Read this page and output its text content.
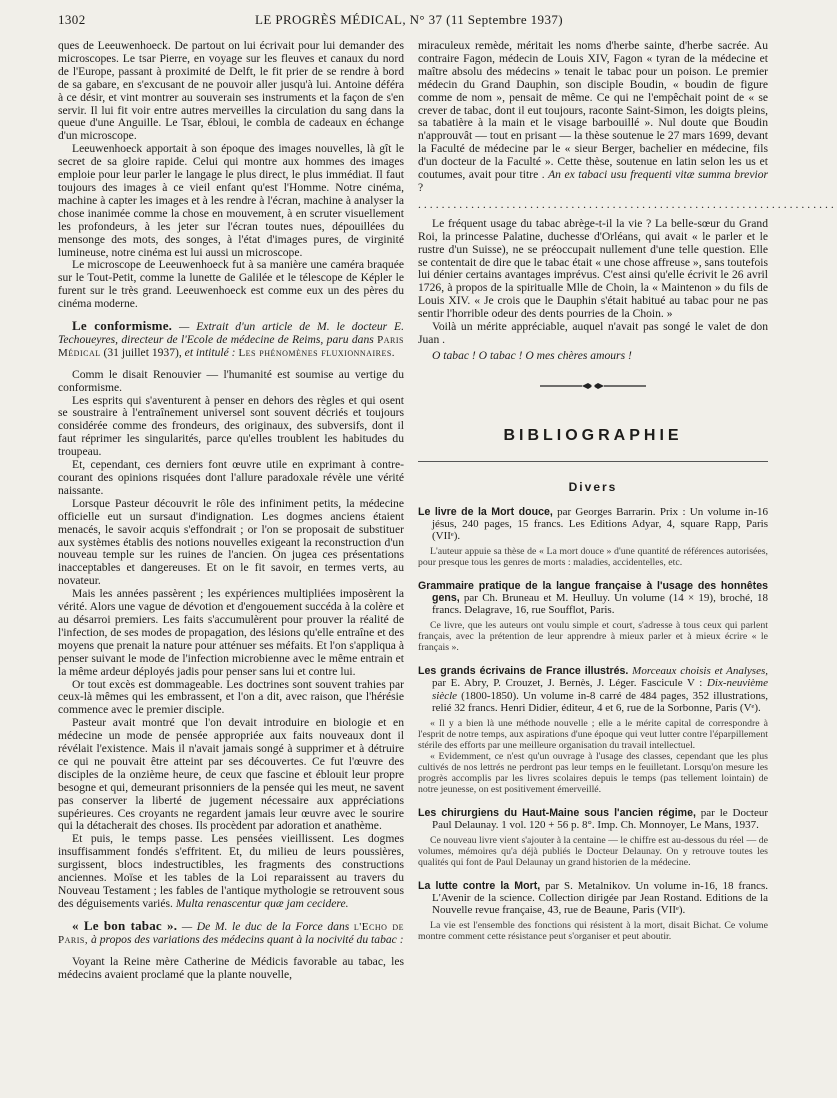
1302	LE PROGRÈS MÉDICAL, N° 37 (11 Septembre 1937)

ques de Leeuwenhoeck. De partout on lui écrivait pour lui demander des microscopes. Le tsar Pierre, en voyage sur les fleuves et canaux du nord de l'Europe, passant à proximité de Delft, le fit prier de se rendre à bord de sa gabare, en s'excusant de ne pouvoir aller jusqu'à lui. Antoine déféra à ce désir, et vint montrer au souverain ses instruments et la façon de s'en servir. Il lui fit voir entre autres merveilles la circulation du sang dans la queue d'une Anguille. Le Tsar, ébloui, le combla de cadeaux en échange d'un microscope.

Leeuwenhoeck apportait à son époque des images nouvelles, là gît le secret de sa gloire rapide. Celui qui montre aux hommes des images emploie pour leur parler le langage le plus direct, le plus immédiat. Il faut toujours des images à ce vieil enfant qu'est l'Homme. Notre cinéma, machine à capter les images et à les rendre à l'écran, machine à analyser la chose inanimée comme la chose en mouvement, à en scruter visuellement les profondeurs, à les jeter sur l'écran toutes nues, dépouillées du mensonge des mots, des songes, à l'état d'images pures, de virginité lumineuse, notre cinéma est lui aussi un microscope.

Le microscope de Leeuwenhoeck fut à sa manière une caméra braquée sur le Tout-Petit, comme la lunette de Galilée et le télescope de Képler le furent sur le très grand. Leeuwenhoeck est comme eux un des pères du cinéma moderne.

Le conformisme. — Extrait d'un article de M. le docteur E. Techoueyres, directeur de l'Ecole de médecine de Reims, paru dans Paris Médical (31 juillet 1937), et intitulé : Les phénomènes fluxionnaires.

Comm le disait Renouvier — l'humanité est soumise au vertige du conformisme.

Les esprits qui s'aventurent à penser en dehors des règles et qui osent se soustraire à l'entraînement universel sont souvent décriés et toujours considérée comme des frondeurs, des originaux, des subversifs, dont il faut réprimer les singularités, parce qu'elles troublent les habitudes du troupeau.

Et, cependant, ces derniers font œuvre utile en exprimant à contre-courant des opinions risquées dont l'allure paradoxale révèle une vérité naissante.

Lorsque Pasteur découvrit le rôle des infiniment petits, la médecine officielle eut un sursaut d'indignation. Les dogmes anciens étaient menacés, le savoir acquis s'effondrait ; or l'on se proposait de substituer aux systèmes établis des notions nouvelles exigeant la reconstruction d'un nouveau temple sur les ruines de l'ancien. On jugea ces présentations inacceptables et dangereuses. Et on le fit savoir, en termes verts, au novateur.

Mais les années passèrent ; les expériences multipliées imposèrent la vérité. Alors une vague de dévotion et d'engouement succéda à la colère et au désarroi premiers. Les faits s'accumulèrent pour prouver la réalité de l'infection, de ses modes de propagation, des lésions qu'elle entraîne et des moyens que prenait la nature pour atténuer ses méfaits. Et l'on s'appliqua à penser suivant le mode de l'infection microbienne avec le même entrain et la même ardeur déployés jadis pour penser sans lui et contre lui.

Or tout excès est dommageable. Les doctrines sont souvent trahies par ceux-là mêmes qui les embrassent, et l'on a dit, avec raison, que l'hérésie commence avec le premier disciple.

Pasteur avait montré que l'on devait introduire en biologie et en médecine un mode de pensée appropriée aux faits nouveaux dont il révélait l'existence. Mais il n'avait jamais songé à supprimer et à détruire ce qui ne pouvait être atteint par ses découvertes. Ce fut l'œuvre des disciples de la onzième heure, de ceux que fascine et éblouit leur propre besogne et qui, demeurant prisonniers de la pensée qui les meut, ne savent pas conserver la liberté de jugement nécessaire aux appréciations supérieures. Ces croyants ne regardent jamais leur œuvre avec le sourire qui la détacherait des choses. Ils procèdent par adoration et anathème.

Et puis, le temps passe. Les pensées vieillissent. Les dogmes insuffisamment fondés s'effritent. Et, du milieu de leurs poussières, surgissent, blocs indestructibles, les fragments des constructions anciennes. Moïse et les tables de la Loi reparaissent au travers du Nouveau Testament ; les fables de l'antique mythologie se retrouvent sous des déguisements variés. Multa renascentur quæ jam cecidere.

« Le bon tabac ». — De M. le duc de la Force dans l'Echo de Paris, à propos des variations des médecins quant à la nocivité du tabac :

Voyant la Reine mère Catherine de Médicis favorable au tabac, les médecins avaient proclamé que la plante nouvelle,

miraculeux remède, méritait les noms d'herbe sainte, d'herbe sacrée. Au contraire Fagon, médecin de Louis XIV, Fagon « tyran de la médecine et maître absolu des médecins » tenait le tabac pour un poison. Le premier médecin du Grand Dauphin, son disciple Boudin, « boudin de figure comme de nom », pensait de même. Ce qui ne l'empêchait point de « se crever de tabac, dont il eut toujours, raconte Saint-Simon, les doigts pleins, sa tabatière à la main et le visage barbouillé ». Nul doute que Boudin n'approuvât — tout en prisant — la thèse soutenue le 27 mars 1699, devant la Faculté de médecine par le « sieur Berger, bachelier en médecine, fils d'un docteur de la Faculté ». Cette thèse, soutenue en latin selon les us et coutumes, avait pour titre . An ex tabaci usu frequenti vitæ summa brevior ?

.......................................................................

Le fréquent usage du tabac abrège-t-il la vie ? La belle-sœur du Grand Roi, la princesse Palatine, duchesse d'Orléans, qui avait « le parler et le rustre d'un Suisse), ne se préoccupait nullement d'une telle question. Elle se contentait de dire que le tabac était « une chose affreuse », sans toutefois lui dénier certains avantages imprévus. C'est ainsi qu'elle écrivit le 26 avril 1726, à propos de la spiritualle Mlle de Choin, la « Maintenon » du fils de Louis XIV. « Je crois que le Dauphin s'était habitué au tabac pour ne pas sentir l'horrible odeur des dents pourries de la Choin. »

Voilà un mérite appréciable, auquel n'avait pas songé le valet de don Juan .

O tabac ! O tabac ! O mes chères amours !

BIBLIOGRAPHIE
Divers
Le livre de la Mort douce, par Georges Barrarin. Prix : Un volume in-16 jésus, 240 pages, 15 francs. Les Editions Adyar, 4, square Rapp, Paris (VIIᵉ).
L'auteur appuie sa thèse de « La mort douce » d'une quantité de références autorisées, pour presque tous les genres de morts : maladies, accidentelles, etc.
Grammaire pratique de la langue française à l'usage des honnêtes gens, par Ch. Bruneau et M. Heulluy. Un volume (14 × 19), broché, 18 francs. Delagrave, 16, rue Soufflot, Paris.
Ce livre, que les auteurs ont voulu simple et court, s'adresse à tous ceux qui parlent français, avec la prétention de leur apprendre à mieux parler et à mieux écrire « le français ».
Les grands écrivains de France illustrés. Morceaux choisis et Analyses, par E. Abry, P. Crouzet, J. Bernès, J. Léger. Fascicule V : Dix-neuvième siècle (1800-1850). Un volume in-8 carré de 484 pages, 352 illustrations, relié 32 francs. Henri Didier, éditeur, 4 et 6, rue de la Sorbonne, Paris (Vᵉ).
« Il y a bien là une méthode nouvelle ; elle a le mérite capital de correspondre à l'esprit de notre temps, aux aspirations d'une époque qui veut lutter contre l'éparpillement stérile des efforts par une meilleure organisation du travail intellectuel.
« Evidemment, ce n'est qu'un ouvrage à l'usage des classes, cependant que les plus cultivés de nos lettrés ne perdront pas leur temps en le feuilletant. Lorsqu'on mesure les progrès accomplis par les livres scolaires depuis le temps (pas tellement lointain) de notre jeunesse, on est positivement émerveillé.
Les chirurgiens du Haut-Maine sous l'ancien régime, par le Docteur Paul Delaunay. 1 vol. 120 + 56 p. 8°. Imp. Ch. Monnoyer, Le Mans, 1937.
Ce nouveau livre vient s'ajouter à la centaine — le chiffre est au-dessous du réel — de volumes, mémoires qu'a déjà publiés le Docteur Delaunay. On y retrouve toutes les qualités qui font de Paul Delaunay un grand historien de la médecine.
La lutte contre la Mort, par S. Metalnikov. Un volume in-16, 18 francs. L'Avenir de la science. Collection dirigée par Jean Rostand. Editions de la Nouvelle revue française, 43, rue de Beaune, Paris (VIIᵉ).
La vie est l'ensemble des fonctions qui résistent à la mort, disait Bichat. Ce volume montre comment cette résistance peut s'organiser et peut aboutir.
